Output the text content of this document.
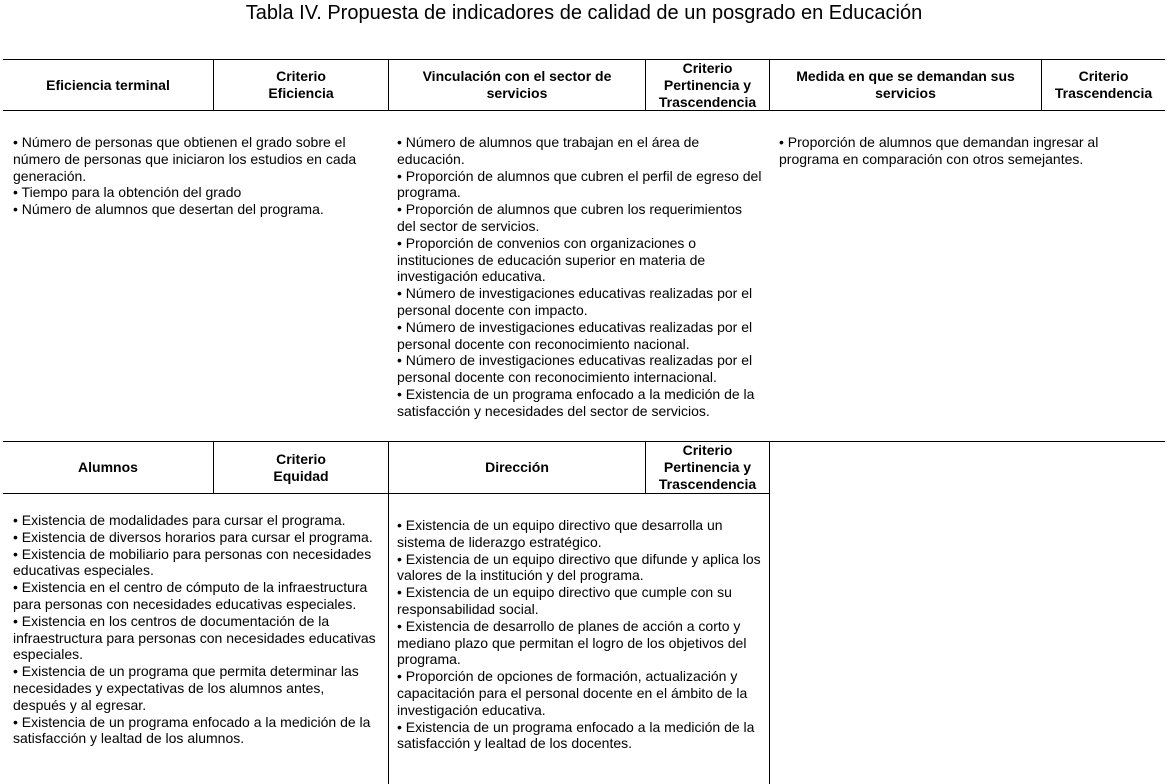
Tabla IV. Propuesta de indicadores de calidad de un posgrado en Educación
Eficiencia terminal
Criterio Eficiencia
Vinculación con el sector de servicios
Criterio Pertinencia y Trascendencia
Medida en que se demandan sus servicios
Criterio Trascendencia
• Número de personas que obtienen el grado sobre el número de personas que iniciaron los estudios en cada generación.
• Tiempo para la obtención del grado
• Número de alumnos que desertan del programa.
• Número de alumnos que trabajan en el área de educación.
• Proporción de alumnos que cubren el perfil de egreso del programa.
• Proporción de alumnos que cubren los requerimientos del sector de servicios.
• Proporción de convenios con organizaciones o instituciones de educación superior en materia de investigación educativa.
• Número de investigaciones educativas realizadas por el personal docente con impacto.
• Número de investigaciones educativas realizadas por el personal docente con reconocimiento nacional.
• Número de investigaciones educativas realizadas por el personal docente con reconocimiento internacional.
• Existencia de un programa enfocado a la medición de la satisfacción y necesidades del sector de servicios.
• Proporción de alumnos que demandan ingresar al programa en comparación con otros semejantes.
Alumnos
Criterio Equidad
Dirección
Criterio Pertinencia y Trascendencia
• Existencia de modalidades para cursar el programa.
• Existencia de diversos horarios para cursar el programa.
• Existencia de mobiliario para personas con necesidades educativas especiales.
• Existencia en el centro de cómputo de la infraestructura para personas con necesidades educativas especiales.
• Existencia en los centros de documentación de la infraestructura para personas con necesidades educativas especiales.
• Existencia de un programa que permita determinar las necesidades y expectativas de los alumnos antes, después y al egresar.
• Existencia de un programa enfocado a la medición de la satisfacción y lealtad de los alumnos.
• Existencia de un equipo directivo que desarrolla un sistema de liderazgo estratégico.
• Existencia de un equipo directivo que difunde y aplica los valores de la institución y del programa.
• Existencia de un equipo directivo que cumple con su responsabilidad social.
• Existencia de desarrollo de planes de acción a corto y mediano plazo que permitan el logro de los objetivos del programa.
• Proporción de opciones de formación, actualización y capacitación para el personal docente en el ámbito de la investigación educativa.
• Existencia de un programa enfocado a la medición de la satisfacción y lealtad de los docentes.
